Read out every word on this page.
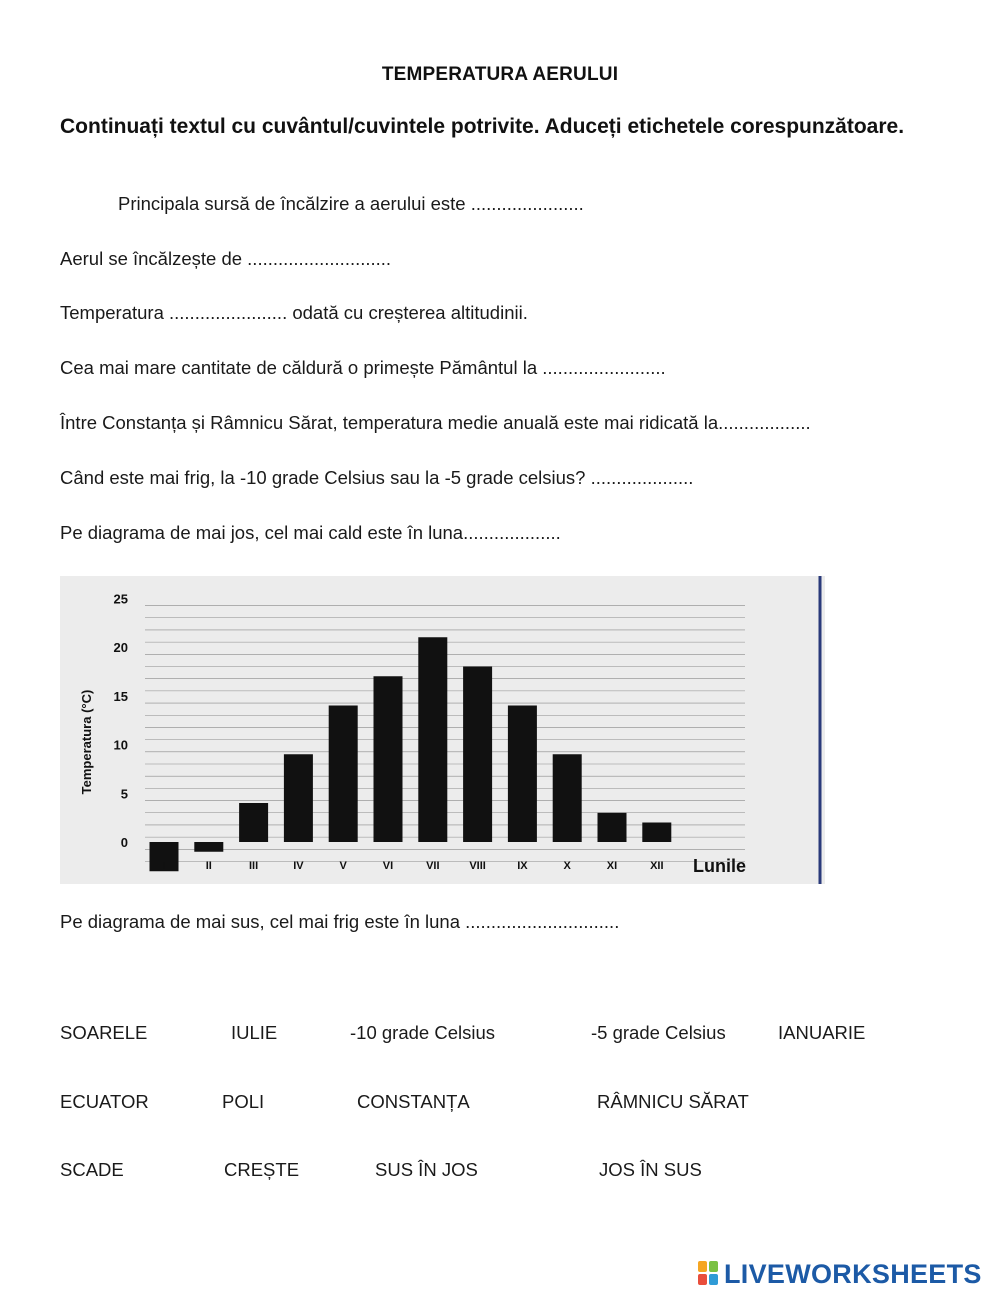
TEMPERATURA AERULUI
Continuați textul cu cuvântul/cuvintele potrivite. Aduceți etichetele corespunzătoare.
Principala sursă de încălzire a aerului este ......................
Aerul se încălzește de ............................
Temperatura ....................... odată cu creșterea altitudinii.
Cea mai mare cantitate de căldură o primește Pământul la ........................
Între Constanța și Râmnicu Sărat, temperatura medie anuală este mai ridicată la..................
Când este mai frig, la -10 grade Celsius sau la -5 grade celsius? ....................
Pe diagrama de mai jos, cel mai cald este în luna...................
0
5
10
15
20
25
Temperatura (°C)
I	II	III	IV	V	VI	VII	VIII	IX	X	XI	XII Lunile
Pe diagrama de mai sus, cel mai frig este în luna ..............................
SOARELE	IULIE	-10 grade Celsius	-5 grade Celsius	IANUARIE
ECUATOR	POLI	CONSTANȚA	RÂMNICU SĂRAT
SCADE	CREȘTE	SUS ÎN JOS	JOS ÎN SUS
LIVEWORKSHEETS
